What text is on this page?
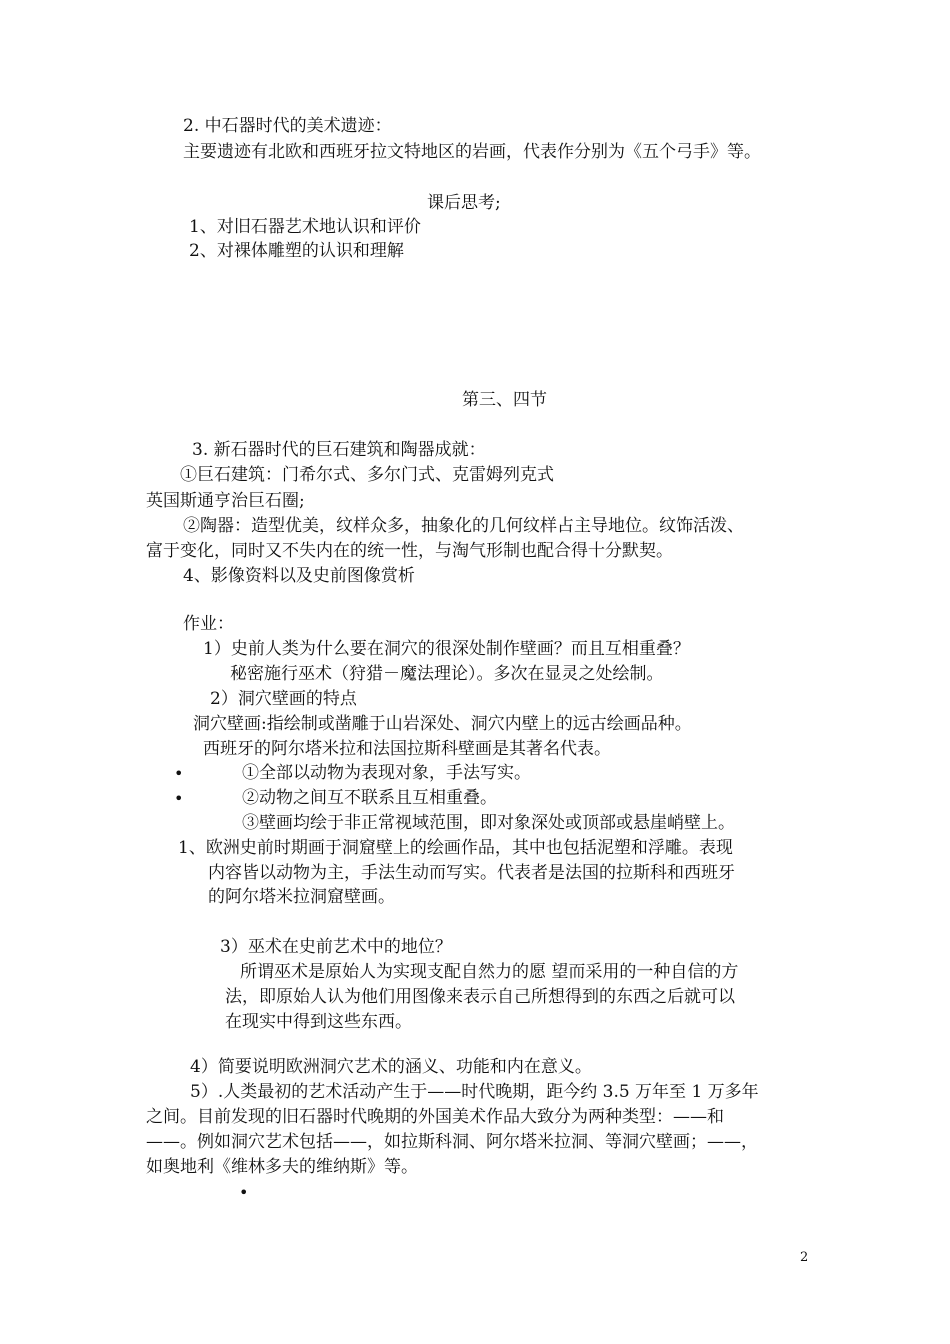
2. 中石器时代的美术遗迹：
主要遗迹有北欧和西班牙拉文特地区的岩画，代表作分别为《五个弓手》等。
课后思考;
1、对旧石器艺术地认识和评价
2、对裸体雕塑的认识和理解
第三、四节
3. 新石器时代的巨石建筑和陶器成就：
①巨石建筑：门希尔式、多尔门式、克雷姆列克式
英国斯通亨治巨石圈;
②陶器：造型优美，纹样众多，抽象化的几何纹样占主导地位。纹饰活泼、
富于变化，同时又不失内在的统一性，与淘气形制也配合得十分默契。
4、影像资料以及史前图像赏析
作业：
1）史前人类为什么要在洞穴的很深处制作壁画？而且互相重叠？
秘密施行巫术（狩猎－魔法理论）。多次在显灵之处绘制。
2）洞穴壁画的特点
洞穴壁画:指绘制或凿雕于山岩深处、洞穴内壁上的远古绘画品种。
西班牙的阿尔塔米拉和法国拉斯科壁画是其著名代表。
•	①全部以动物为表现对象，手法写实。
•	②动物之间互不联系且互相重叠。
③壁画均绘于非正常视域范围，即对象深处或顶部或悬崖峭壁上。
1、欧洲史前时期画于洞窟壁上的绘画作品，其中也包括泥塑和浮雕。表现
内容皆以动物为主，手法生动而写实。代表者是法国的拉斯科和西班牙
的阿尔塔米拉洞窟壁画。
3）巫术在史前艺术中的地位？
所谓巫术是原始人为实现支配自然力的愿 望而采用的一种自信的方
法，即原始人认为他们用图像来表示自己所想得到的东西之后就可以
在现实中得到这些东西。
4）简要说明欧洲洞穴艺术的涵义、功能和内在意义。
5）.人类最初的艺术活动产生于——时代晚期，距今约 3.5 万年至 1 万多年
之间。目前发现的旧石器时代晚期的外国美术作品大致分为两种类型：——和
——。例如洞穴艺术包括——，如拉斯科洞、阿尔塔米拉洞、等洞穴壁画；——，
如奥地利《维林多夫的维纳斯》等。
•
2
